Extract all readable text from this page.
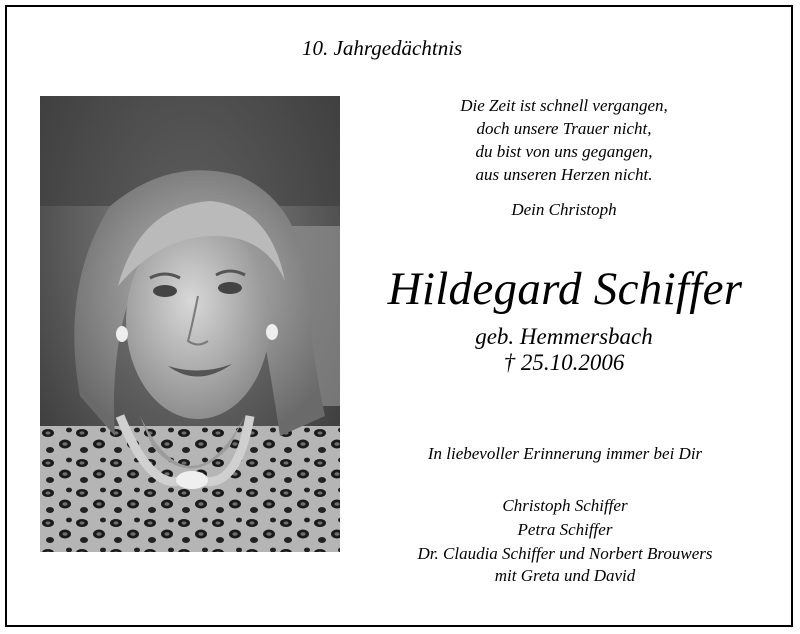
10. Jahrgedächtnis
Die Zeit ist schnell vergangen,
doch unsere Trauer nicht,
du bist von uns gegangen,
aus unseren Herzen nicht.
Dein Christoph
Hildegard Schiffer
geb. Hemmersbach
† 25.10.2006
In liebevoller Erinnerung immer bei Dir
Christoph Schiffer
Petra Schiffer
Dr. Claudia Schiffer und Norbert Brouwers
mit Greta und David
